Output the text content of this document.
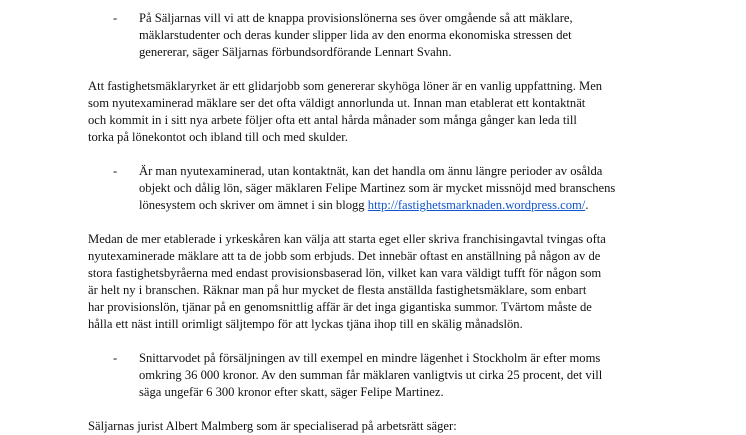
- På Säljarnas vill vi att de knappa provisionslönerna ses över omgående så att mäklare,
mäklarstudenter och deras kunder slipper lida av den enorma ekonomiska stressen det
genererar, säger Säljarnas förbundsordförande Lennart Svahn.
Att fastighetsmäklaryrket är ett glidarjobb som genererar skyhöga löner är en vanlig uppfattning. Men
som nyutexaminerad mäklare ser det ofta väldigt annorlunda ut. Innan man etablerat ett kontaktnät
och kommit in i sitt nya arbete följer ofta ett antal hårda månader som många gånger kan leda till
torka på lönekontot och ibland till och med skulder.
- Är man nyutexaminerad, utan kontaktnät, kan det handla om ännu längre perioder av osålda
objekt och dålig lön, säger mäklaren Felipe Martinez som är mycket missnöjd med branschens
lönesystem och skriver om ämnet i sin blogg http://fastighetsmarknaden.wordpress.com/.
Medan de mer etablerade i yrkeskåren kan välja att starta eget eller skriva franchisingavtal tvingas ofta
nyutexaminerade mäklare att ta de jobb som erbjuds. Det innebär oftast en anställning på någon av de
stora fastighetsbyråerna med endast provisionsbaserad lön, vilket kan vara väldigt tufft för någon som
är helt ny i branschen. Räknar man på hur mycket de flesta anställda fastighetsmäklare, som enbart
har provisionslön, tjänar på en genomsnittlig affär är det inga gigantiska summor. Tvärtom måste de
hålla ett näst intill orimligt säljtempo för att lyckas tjäna ihop till en skälig månadslön.
- Snittarvodet på försäljningen av till exempel en mindre lägenhet i Stockholm är efter moms
omkring 36 000 kronor. Av den summan får mäklaren vanligtvis ut cirka 25 procent, det vill
säga ungefär 6 300 kronor efter skatt, säger Felipe Martinez.
Säljarnas jurist Albert Malmberg som är specialiserad på arbetsrätt säger:
